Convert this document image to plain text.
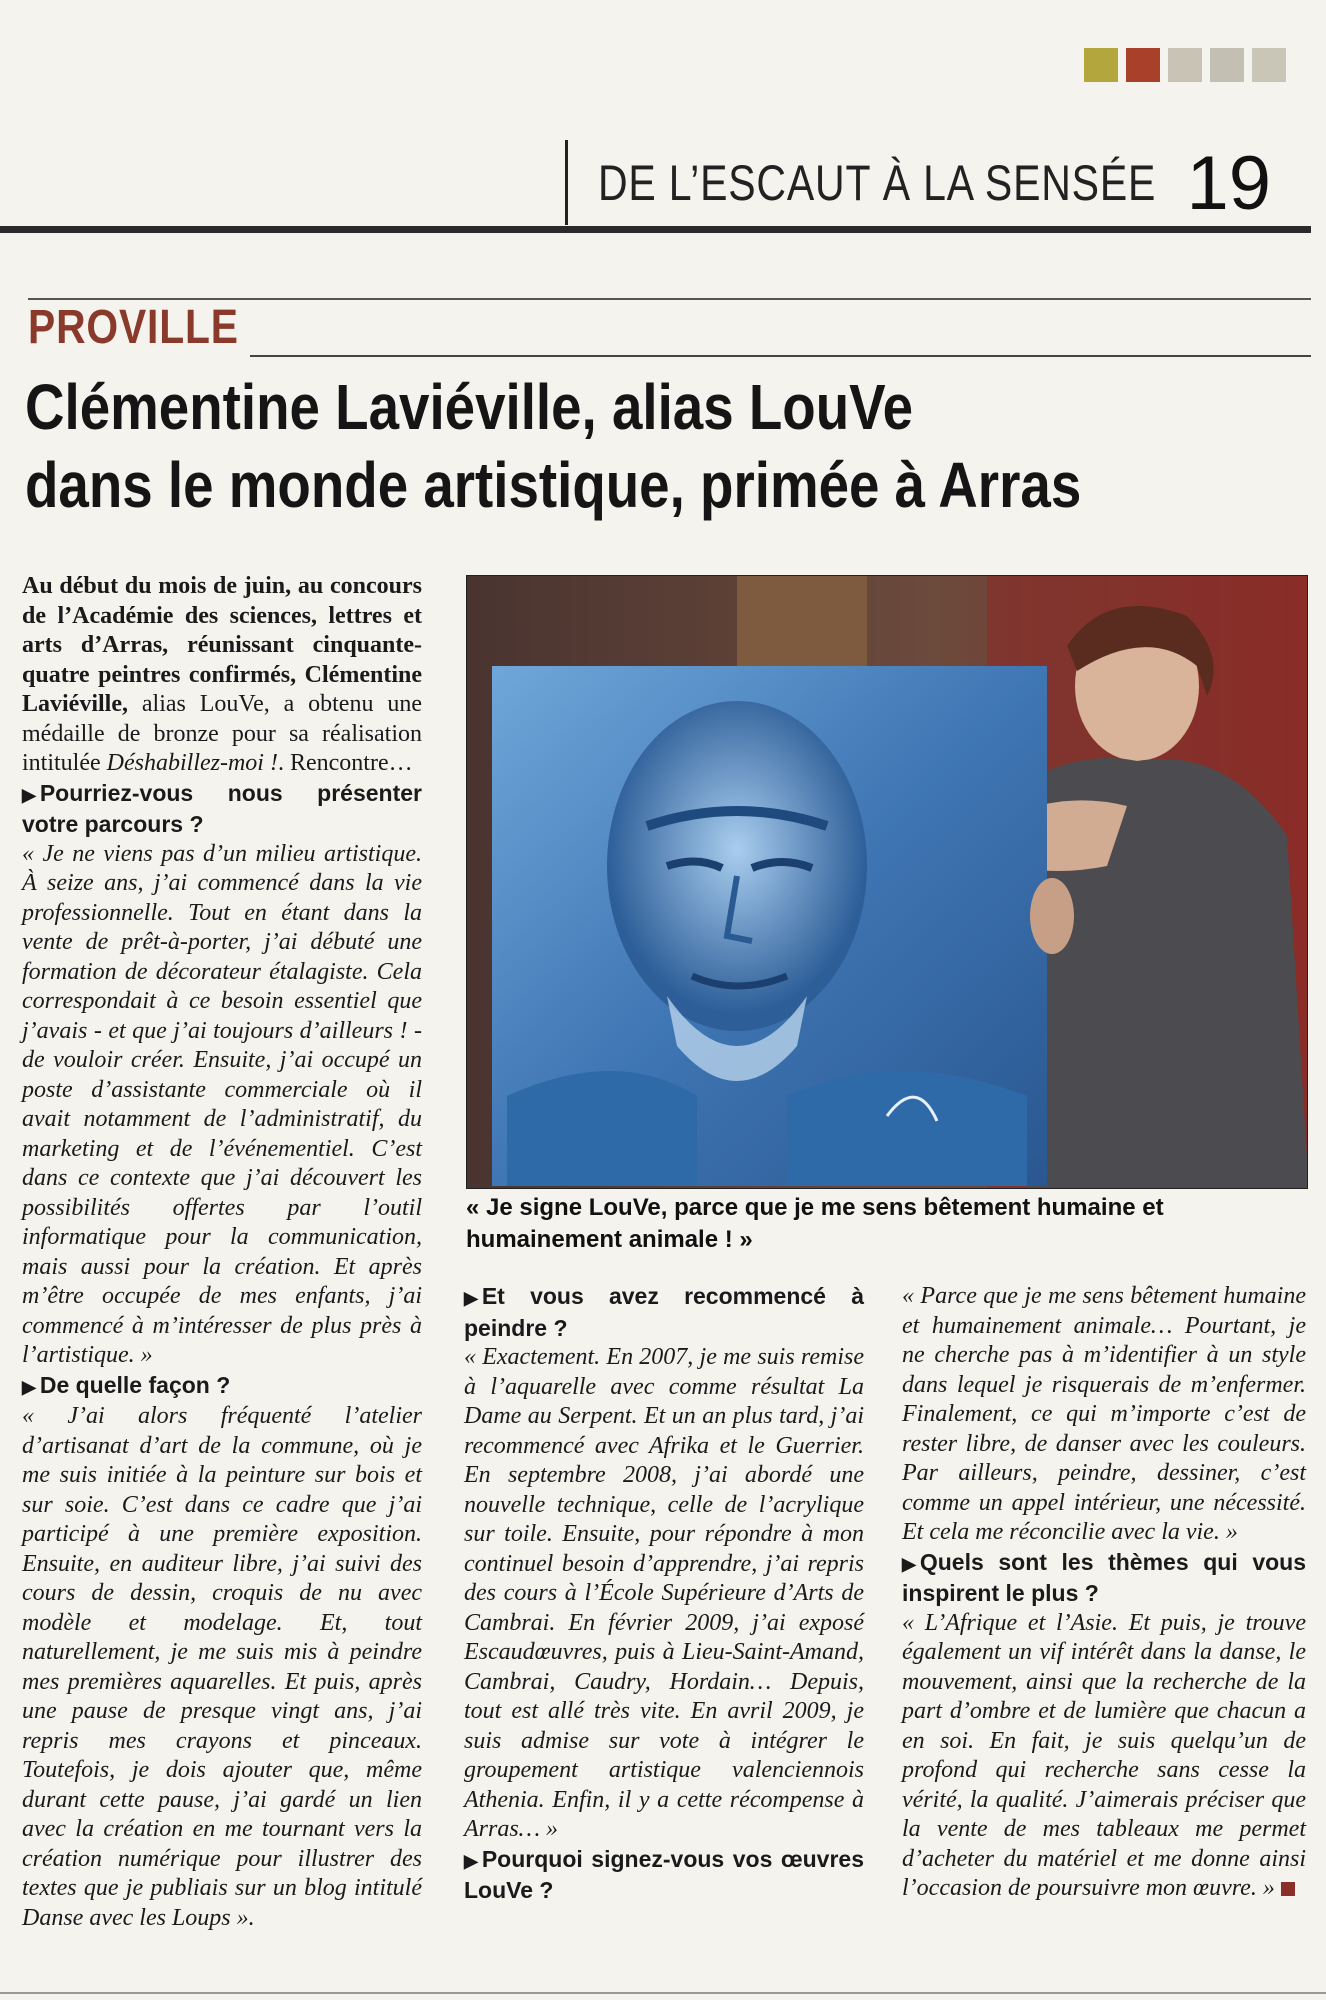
DE L’ESCAUT À LA SENSÉE 19
PROVILLE
Clémentine Laviéville, alias LouVe
dans le monde artistique, primée à Arras

Au début du mois de juin, au concours de l’Académie des sciences, lettres et arts d’Arras, réunissant cinquante-quatre peintres confirmés, Clémentine Laviéville, alias LouVe, a obtenu une médaille de bronze pour sa réalisation intitulée Déshabillez-moi !. Rencontre…

▶ Pourriez-vous nous présenter votre parcours ?

« Je ne viens pas d’un milieu artistique. À seize ans, j’ai commencé dans la vie professionnelle. Tout en étant dans la vente de prêt-à-porter, j’ai débuté une formation de décorateur étalagiste. Cela correspondait à ce besoin essentiel que j’avais - et que j’ai toujours d’ailleurs ! - de vouloir créer. Ensuite, j’ai occupé un poste d’assistante commerciale où il avait notamment de l’administratif, du marketing et de l’événementiel. C’est dans ce contexte que j’ai découvert les possibilités offertes par l’outil informatique pour la communication, mais aussi pour la création. Et après m’être occupée de mes enfants, j’ai commencé à m’intéresser de plus près à l’artistique. »

▶ De quelle façon ?

« J’ai alors fréquenté l’atelier d’artisanat d’art de la commune, où je me suis initiée à la peinture sur bois et sur soie. C’est dans ce cadre que j’ai participé à une première exposition. Ensuite, en auditeur libre, j’ai suivi des cours de dessin, croquis de nu avec modèle et modelage. Et, tout naturellement, je me suis mis à peindre mes premières aquarelles. Et puis, après une pause de presque vingt ans, j’ai repris mes crayons et pinceaux. Toutefois, je dois ajouter que, même durant cette pause, j’ai gardé un lien avec la création en me tournant vers la création numérique pour illustrer des textes que je publiais sur un blog intitulé Danse avec les Loups ».

« Je signe LouVe, parce que je me sens bêtement humaine et humainement animale ! »

▶ Et vous avez recommencé à peindre ?

« Exactement. En 2007, je me suis remise à l’aquarelle avec comme résultat La Dame au Serpent. Et un an plus tard, j’ai recommencé avec Afrika et le Guerrier. En septembre 2008, j’ai abordé une nouvelle technique, celle de l’acrylique sur toile. Ensuite, pour répondre à mon continuel besoin d’apprendre, j’ai repris des cours à l’École Supérieure d’Arts de Cambrai. En février 2009, j’ai exposé Escaudœuvres, puis à Lieu-Saint-Amand, Cambrai, Caudry, Hordain… Depuis, tout est allé très vite. En avril 2009, je suis admise sur vote à intégrer le groupement artistique valenciennois Athenia. Enfin, il y a cette récompense à Arras… »

▶ Pourquoi signez-vous vos œuvres LouVe ?

« Parce que je me sens bêtement humaine et humainement animale… Pourtant, je ne cherche pas à m’identifier à un style dans lequel je risquerais de m’enfermer. Finalement, ce qui m’importe c’est de rester libre, de danser avec les couleurs. Par ailleurs, peindre, dessiner, c’est comme un appel intérieur, une nécessité. Et cela me réconcilie avec la vie. »

▶ Quels sont les thèmes qui vous inspirent le plus ?

« L’Afrique et l’Asie. Et puis, je trouve également un vif intérêt dans la danse, le mouvement, ainsi que la recherche de la part d’ombre et de lumière que chacun a en soi. En fait, je suis quelqu’un de profond qui recherche sans cesse la vérité, la qualité. J’aimerais préciser que la vente de mes tableaux me permet d’acheter du matériel et me donne ainsi l’occasion de poursuivre mon œuvre. »
